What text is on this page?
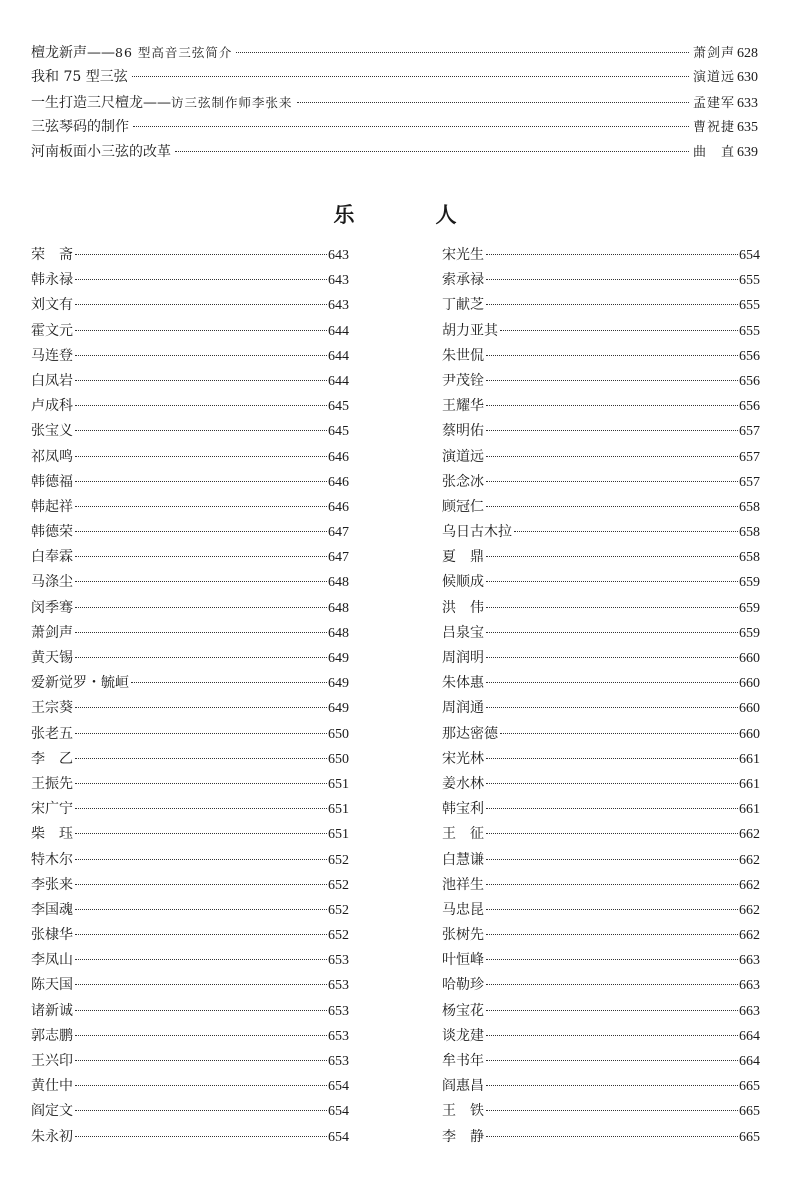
檀龙新声——86 型高音三弦简介	萧剑声 628
我和 75 型三弦	演道远 630
一生打造三尺檀龙——访三弦制作师李张来	孟建军 633
三弦琴码的制作	曹祝捷 635
河南板面小三弦的改革	曲　直 639
乐　人
荣　斋	643
韩永禄	643
刘文有	643
霍文元	644
马连登	644
白凤岩	644
卢成科	645
张宝义	645
祁凤鸣	646
韩德福	646
韩起祥	646
韩德荣	647
白奉霖	647
马涤尘	648
闵季骞	648
萧剑声	648
黄天锡	649
爱新觉罗・毓峘	649
王宗葵	649
张老五	650
李　乙	650
王振先	651
宋广宁	651
柴　珏	651
特木尔	652
李张来	652
李国魂	652
张棣华	652
李凤山	653
陈天国	653
诸新诚	653
郭志鹏	653
王兴印	653
黄仕中	654
阎定文	654
朱永初	654
宋光生	654
索承禄	655
丁献芝	655
胡力亚其	655
朱世侃	656
尹茂铨	656
王耀华	656
蔡明佑	657
演道远	657
张念冰	657
顾冠仁	658
乌日古木拉	658
夏　鼎	658
候顺成	659
洪　伟	659
吕泉宝	659
周润明	660
朱体惠	660
周润通	660
那达密德	660
宋光林	661
姜水林	661
韩宝利	661
王　征	662
白慧谦	662
池祥生	662
马忠昆	662
张树先	662
叶恒峰	663
哈勒珍	663
杨宝花	663
谈龙建	664
牟书年	664
阎惠昌	665
王　铁	665
李　静	665
